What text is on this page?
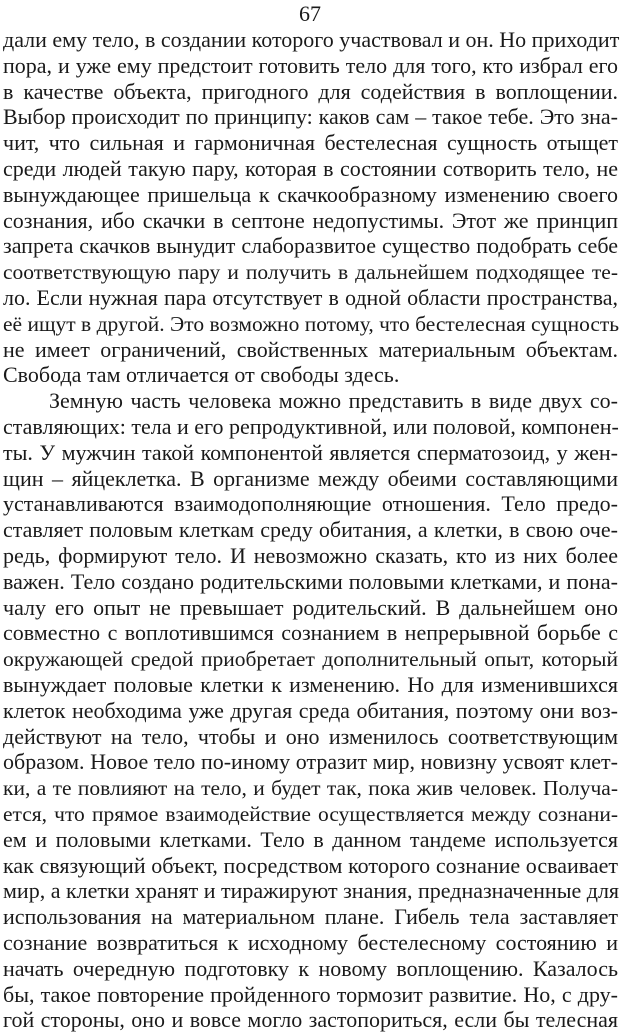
67
дали ему тело, в создании которого участвовал и он. Но приходит
пора, и уже ему предстоит готовить тело для того, кто избрал его
в качестве объекта, пригодного для содействия в воплощении.
Выбор происходит по принципу: каков сам – такое тебе. Это зна-
чит, что сильная и гармоничная бестелесная сущность отыщет
среди людей такую пару, которая в состоянии сотворить тело, не
вынуждающее пришельца к скачкообразному изменению своего
сознания, ибо скачки в септоне недопустимы. Этот же принцип
запрета скачков вынудит слаборазвитое существо подобрать себе
соответствующую пару и получить в дальнейшем подходящее те-
ло. Если нужная пара отсутствует в одной области пространства,
её ищут в другой. Это возможно потому, что бестелесная сущность
не имеет ограничений, свойственных материальным объектам.
Свобода там отличается от свободы здесь.
Земную часть человека можно представить в виде двух со-
ставляющих: тела и его репродуктивной, или половой, компонен-
ты. У мужчин такой компонентой является сперматозоид, у жен-
щин – яйцеклетка. В организме между обеими составляющими
устанавливаются взаимодополняющие отношения. Тело предо-
ставляет половым клеткам среду обитания, а клетки, в свою оче-
редь, формируют тело. И невозможно сказать, кто из них более
важен. Тело создано родительскими половыми клетками, и пона-
чалу его опыт не превышает родительский. В дальнейшем оно
совместно с воплотившимся сознанием в непрерывной борьбе с
окружающей средой приобретает дополнительный опыт, который
вынуждает половые клетки к изменению. Но для изменившихся
клеток необходима уже другая среда обитания, поэтому они воз-
действуют на тело, чтобы и оно изменилось соответствующим
образом. Новое тело по-иному отразит мир, новизну усвоят клет-
ки, а те повлияют на тело, и будет так, пока жив человек. Получа-
ется, что прямое взаимодействие осуществляется между сознани-
ем и половыми клетками. Тело в данном тандеме используется
как связующий объект, посредством которого сознание осваивает
мир, а клетки хранят и тиражируют знания, предназначенные для
использования на материальном плане. Гибель тела заставляет
сознание возвратиться к исходному бестелесному состоянию и
начать очередную подготовку к новому воплощению. Казалось
бы, такое повторение пройденного тормозит развитие. Но, с дру-
гой стороны, оно и вовсе могло застопориться, если бы телесная
